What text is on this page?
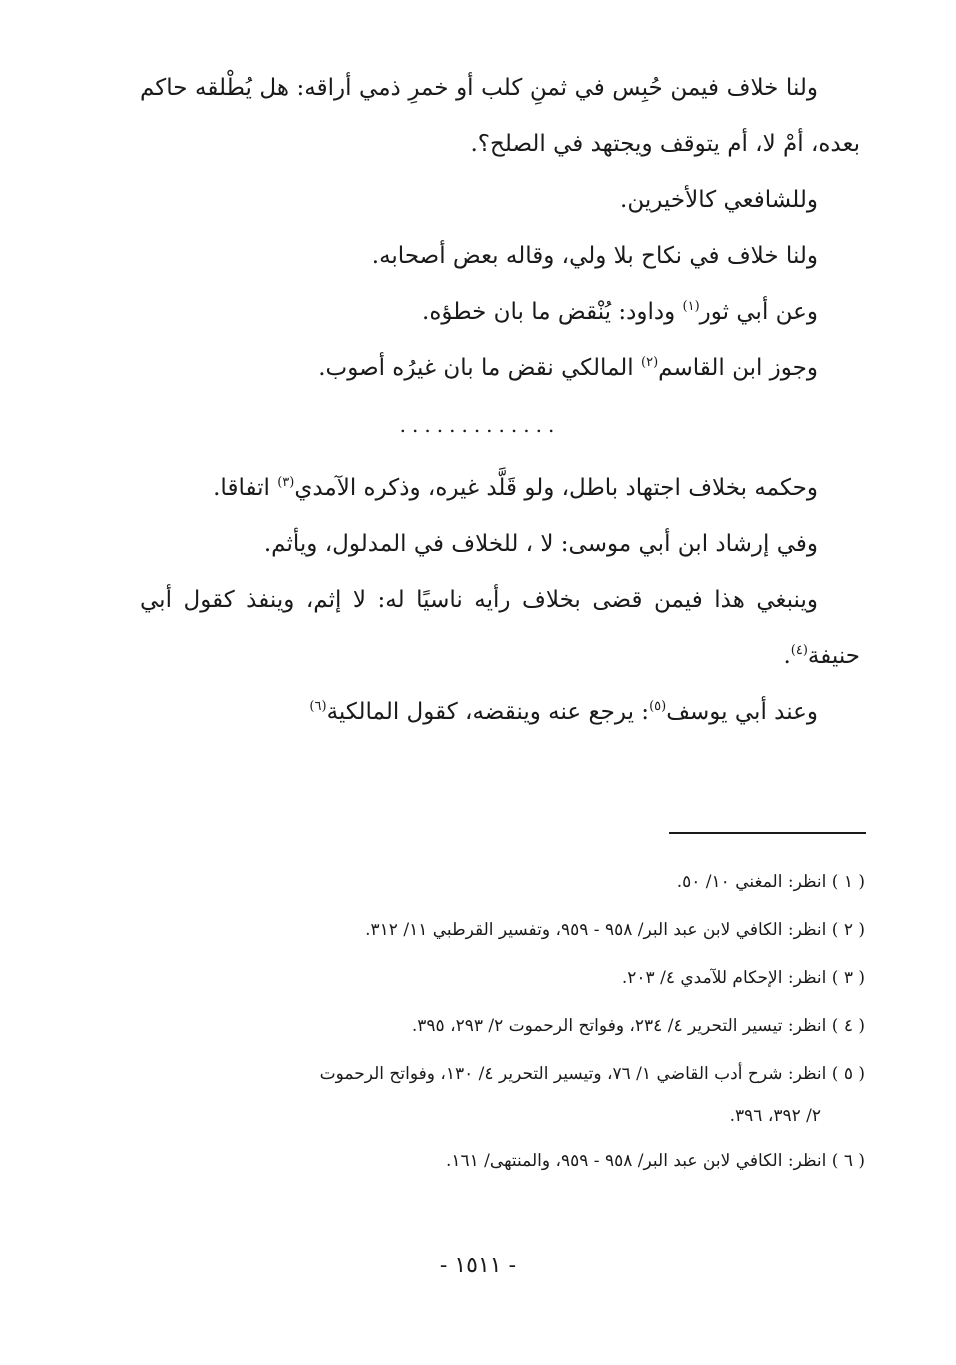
ولنا خلاف فيمن حُبِس في ثمنِ كلب أو خمرِ ذمي أراقه: هل يُطْلقه حاكم بعده، أمْ لا، أم يتوقف ويجتهد في الصلح؟.

وللشافعي كالأخيرين.

ولنا خلاف في نكاح بلا ولي، وقاله بعض أصحابه.

وعن أبي ثور$^{(١)}$ وداود: يُنْقض ما بان خطؤه.

وجوز ابن القاسم$^{(٢)}$ المالكي نقض ما بان غيرُه أصوب.

.............

وحكمه بخلاف اجتهاد باطل، ولو قَلَّد غيره، وذكره الآمدي$^{(٣)}$ اتفاقا.

وفي إرشاد ابن أبي موسى: لا ، للخلاف في المدلول، ويأثم.

وينبغي هذا فيمن قضى بخلاف رأيه ناسيًا له: لا إثم، وينفذ كقول أبي حنيفة$^{(٤)}$.

وعند أبي يوسف$^{(٥)}$: يرجع عنه وينقضه، كقول المالكية$^{(٦)}$

( ١ ) انظر: المغني ١٠/ ٥٠.

( ٢ ) انظر: الكافي لابن عبد البر/ ٩٥٨ - ٩٥٩، وتفسير القرطبي ١١/ ٣١٢.

( ٣ ) انظر: الإحكام للآمدي ٤/ ٢٠٣.

( ٤ ) انظر: تيسير التحرير ٤/ ٢٣٤، وفواتح الرحموت ٢/ ٢٩٣، ٣٩٥.

( ٥ ) انظر: شرح أدب القاضي ١/ ٧٦، وتيسير التحرير ٤/ ١٣٠، وفواتح الرحموت
٢/ ٣٩٢، ٣٩٦.

( ٦ ) انظر: الكافي لابن عبد البر/ ٩٥٨ - ٩٥٩، والمنتهى/ ١٦١.

- ١٥١١ -
